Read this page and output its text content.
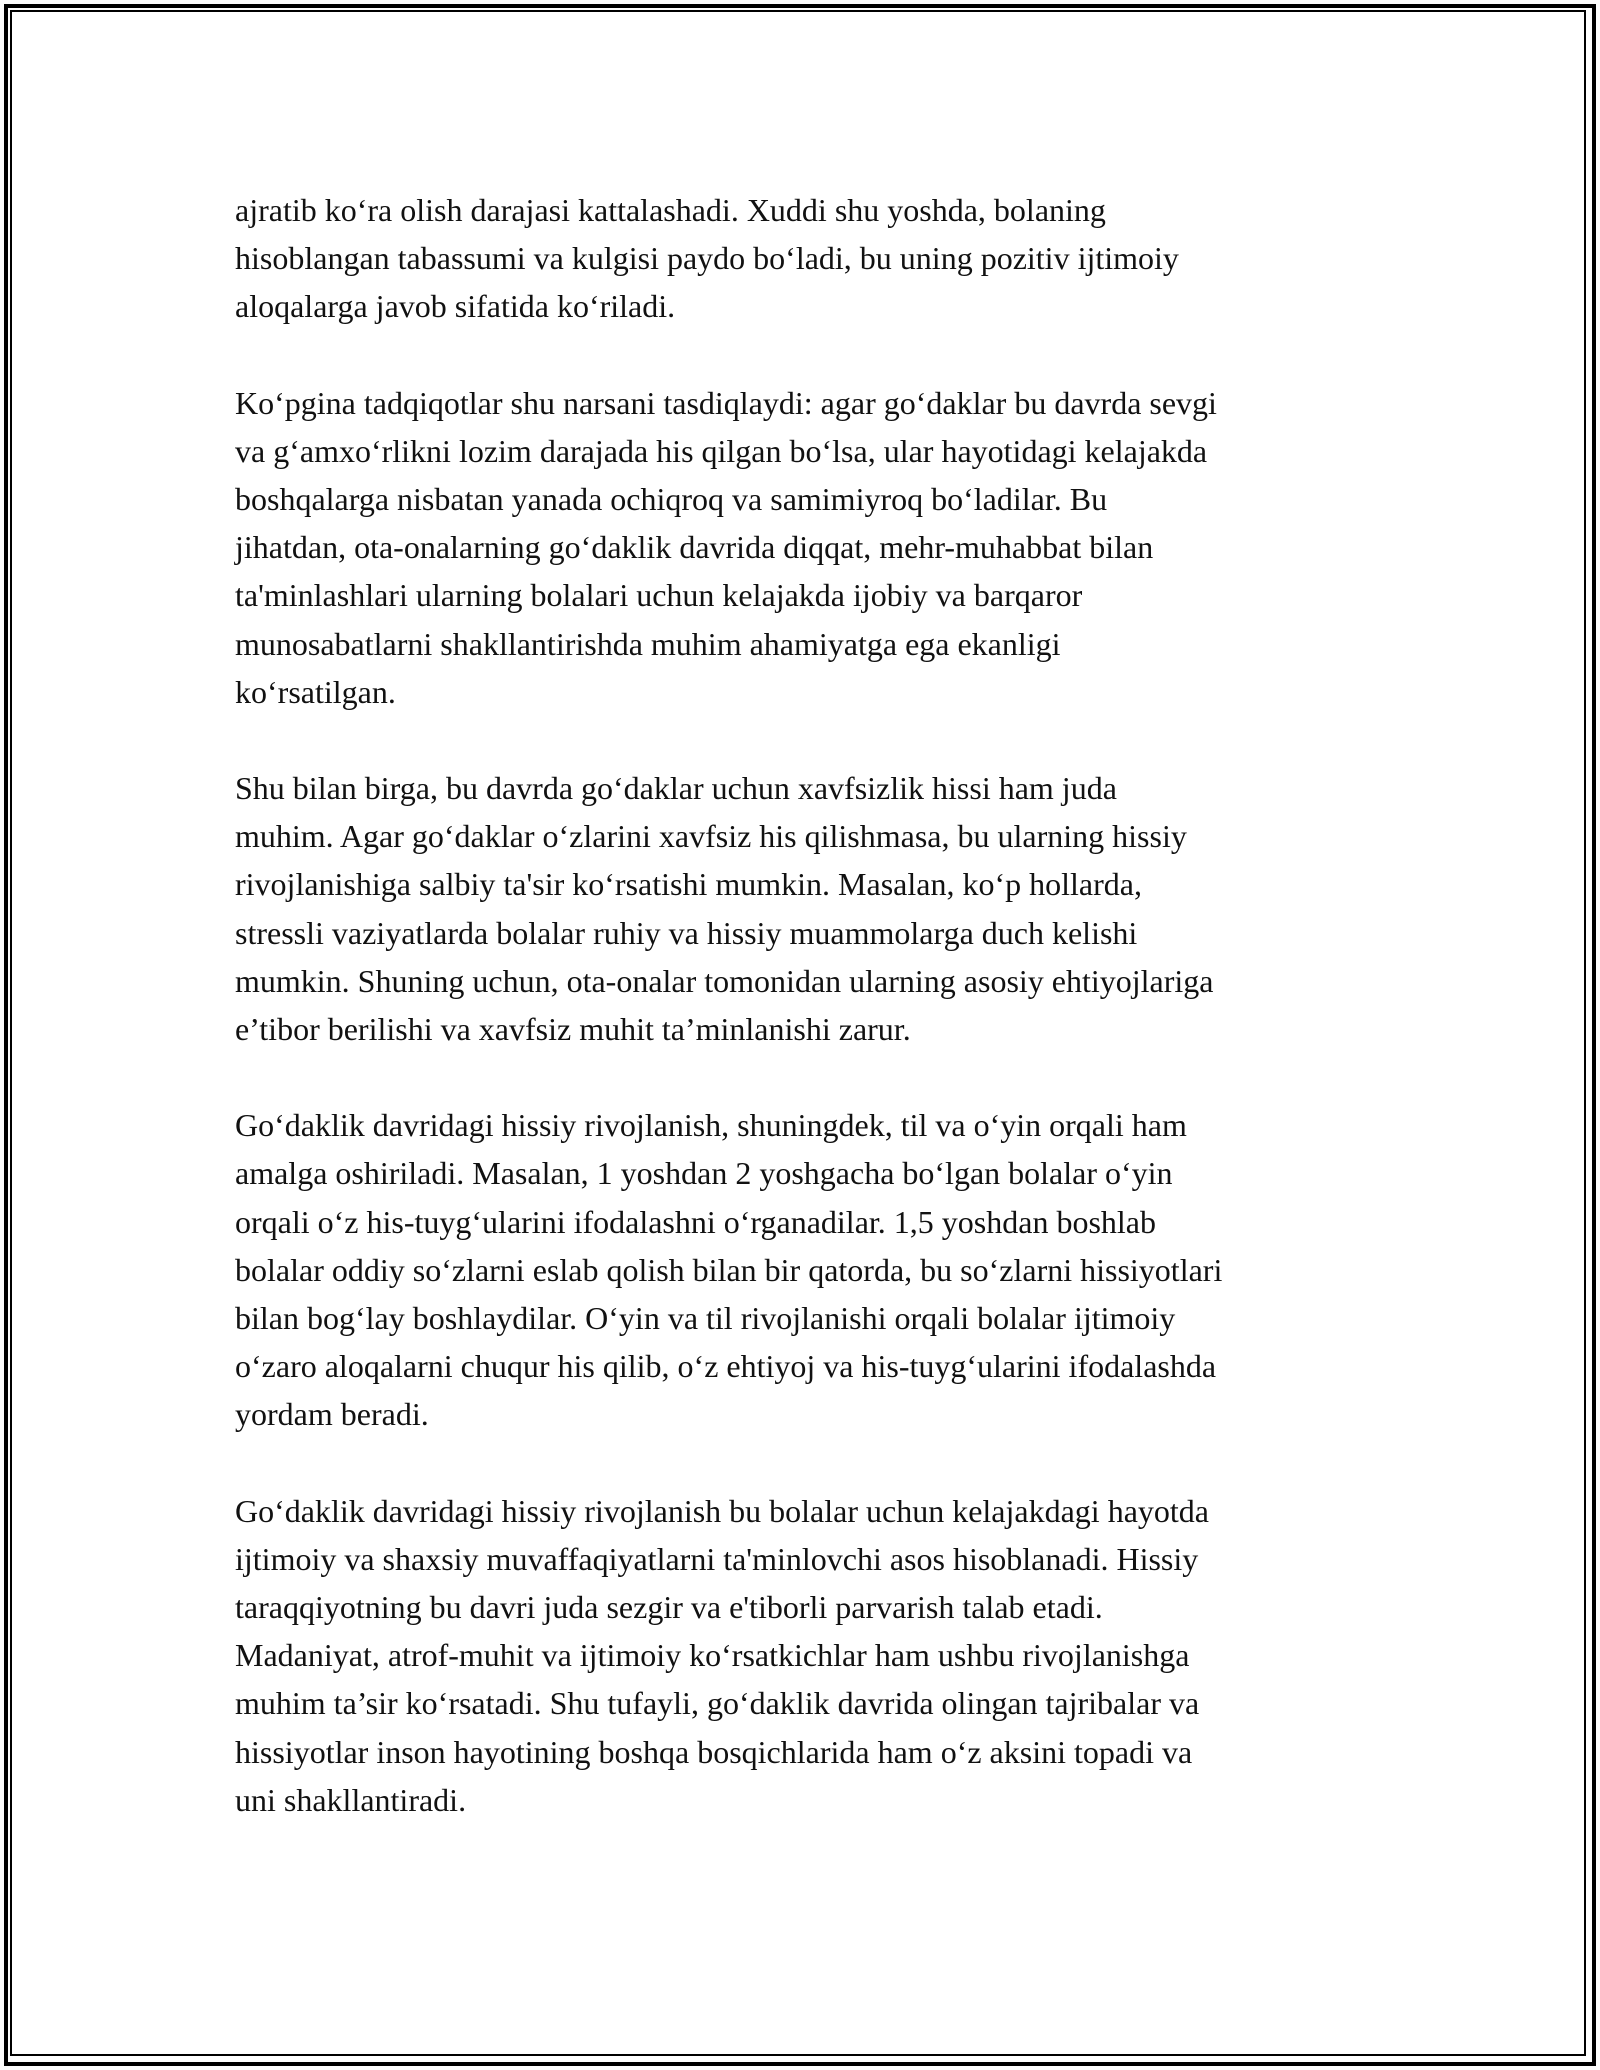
ajratib ko‘ra olish darajasi kattalashadi. Xuddi shu yoshda, bolaning
hisoblangan tabassumi va kulgisi paydo bo‘ladi, bu uning pozitiv ijtimoiy
aloqalarga javob sifatida ko‘riladi.

Ko‘pgina tadqiqotlar shu narsani tasdiqlaydi: agar go‘daklar bu davrda sevgi
va g‘amxo‘rlikni lozim darajada his qilgan bo‘lsa, ular hayotidagi kelajakda
boshqalarga nisbatan yanada ochiqroq va samimiyroq bo‘ladilar. Bu
jihatdan, ota-onalarning go‘daklik davrida diqqat, mehr-muhabbat bilan
ta'minlashlari ularning bolalari uchun kelajakda ijobiy va barqaror
munosabatlarni shakllantirishda muhim ahamiyatga ega ekanligi
ko‘rsatilgan.

Shu bilan birga, bu davrda go‘daklar uchun xavfsizlik hissi ham juda
muhim. Agar go‘daklar o‘zlarini xavfsiz his qilishmasa, bu ularning hissiy
rivojlanishiga salbiy ta'sir ko‘rsatishi mumkin. Masalan, ko‘p hollarda,
stressli vaziyatlarda bolalar ruhiy va hissiy muammolarga duch kelishi
mumkin. Shuning uchun, ota-onalar tomonidan ularning asosiy ehtiyojlariga
e’tibor berilishi va xavfsiz muhit ta’minlanishi zarur.

Go‘daklik davridagi hissiy rivojlanish, shuningdek, til va o‘yin orqali ham
amalga oshiriladi. Masalan, 1 yoshdan 2 yoshgacha bo‘lgan bolalar o‘yin
orqali o‘z his-tuyg‘ularini ifodalashni o‘rganadilar. 1,5 yoshdan boshlab
bolalar oddiy so‘zlarni eslab qolish bilan bir qatorda, bu so‘zlarni hissiyotlari
bilan bog‘lay boshlaydilar. O‘yin va til rivojlanishi orqali bolalar ijtimoiy
o‘zaro aloqalarni chuqur his qilib, o‘z ehtiyoj va his-tuyg‘ularini ifodalashda
yordam beradi.

Go‘daklik davridagi hissiy rivojlanish bu bolalar uchun kelajakdagi hayotda
ijtimoiy va shaxsiy muvaffaqiyatlarni ta'minlovchi asos hisoblanadi. Hissiy
taraqqiyotning bu davri juda sezgir va e'tiborli parvarish talab etadi.
Madaniyat, atrof-muhit va ijtimoiy ko‘rsatkichlar ham ushbu rivojlanishga
muhim ta’sir ko‘rsatadi. Shu tufayli, go‘daklik davrida olingan tajribalar va
hissiyotlar inson hayotining boshqa bosqichlarida ham o‘z aksini topadi va
uni shakllantiradi.
